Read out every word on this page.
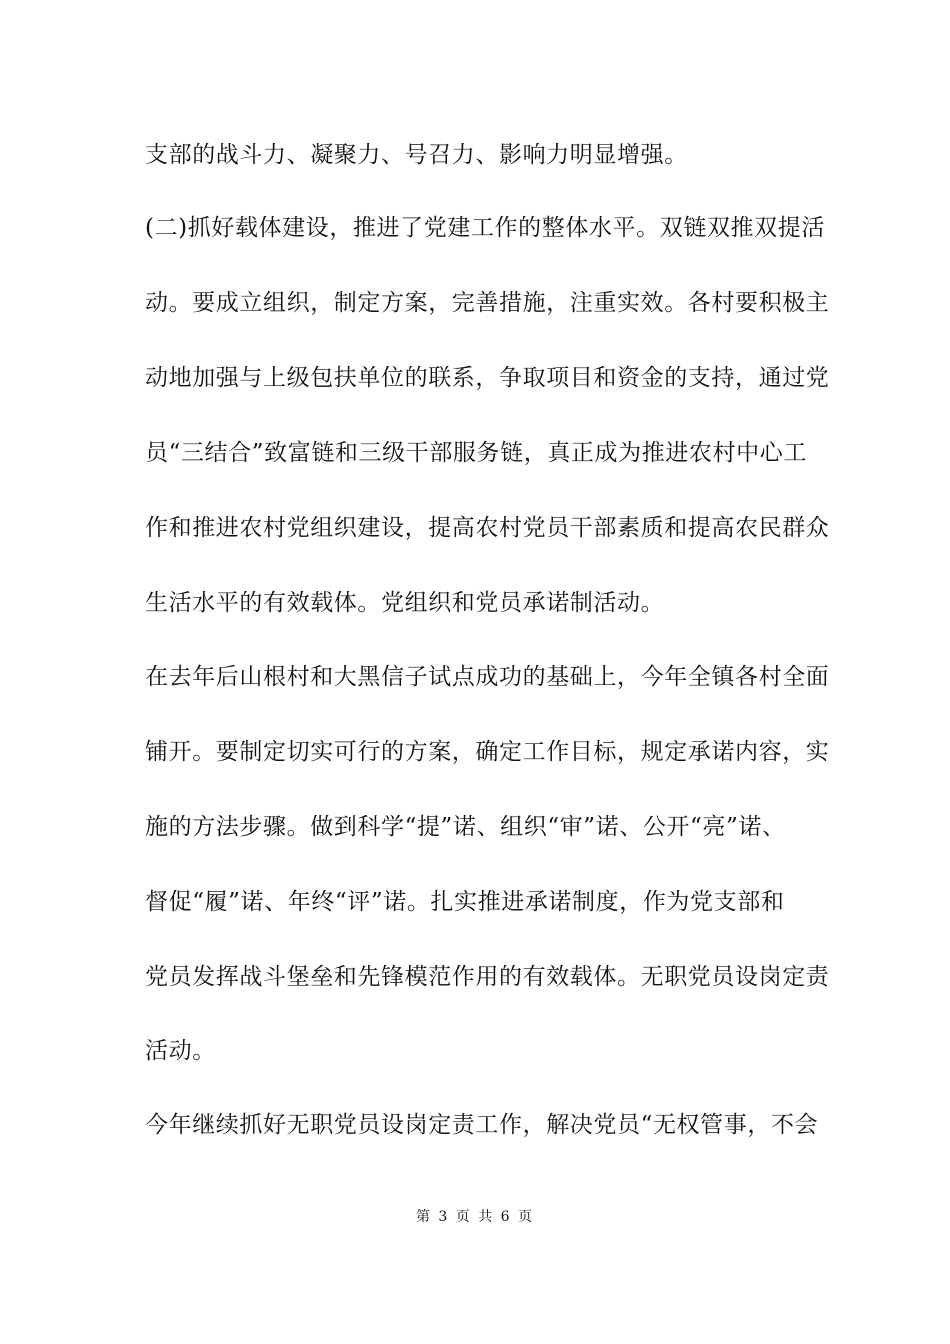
支部的战斗力、凝聚力、号召力、影响力明显增强。
(二)抓好载体建设，推进了党建工作的整体水平。双链双推双提活
动。要成立组织，制定方案，完善措施，注重实效。各村要积极主
动地加强与上级包扶单位的联系，争取项目和资金的支持，通过党
员“三结合”致富链和三级干部服务链，真正成为推进农村中心工
作和推进农村党组织建设，提高农村党员干部素质和提高农民群众
生活水平的有效载体。党组织和党员承诺制活动。
在去年后山根村和大黑信子试点成功的基础上，今年全镇各村全面
铺开。要制定切实可行的方案，确定工作目标，规定承诺内容，实
施的方法步骤。做到科学“提”诺、组织“审”诺、公开“亮”诺、
督促“履”诺、年终“评”诺。扎实推进承诺制度，作为党支部和
党员发挥战斗堡垒和先锋模范作用的有效载体。无职党员设岗定责
活动。
今年继续抓好无职党员设岗定责工作，解决党员“无权管事，不会
第 3 页 共 6 页
